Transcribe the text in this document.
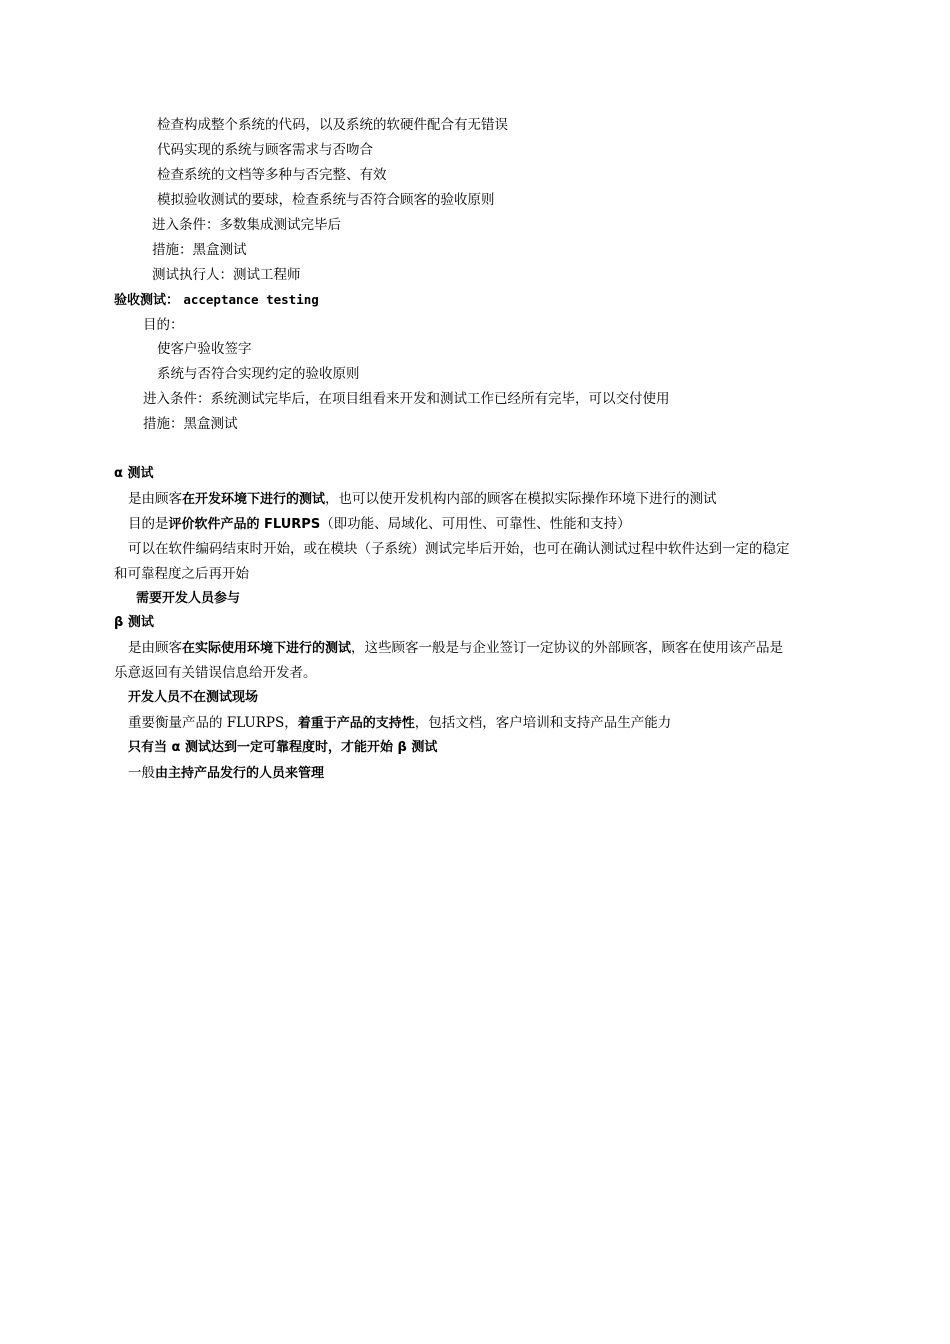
检查构成整个系统的代码，以及系统的软硬件配合有无错误
代码实现的系统与顾客需求与否吻合
检查系统的文档等多种与否完整、有效
模拟验收测试的要球，检查系统与否符合顾客的验收原则
进入条件：多数集成测试完毕后
措施：黑盒测试
测试执行人：测试工程师
验收测试： acceptance testing
目的：
使客户验收签字
系统与否符合实现约定的验收原则
进入条件：系统测试完毕后，在项目组看来开发和测试工作已经所有完毕，可以交付使用
措施：黑盒测试
α 测试
是由顾客在开发环境下进行的测试，也可以使开发机构内部的顾客在模拟实际操作环境下进行的测试
目的是评价软件产品的 FLURPS（即功能、局域化、可用性、可靠性、性能和支持）
可以在软件编码结束时开始，或在模块（子系统）测试完毕后开始，也可在确认测试过程中软件达到一定的稳定
和可靠程度之后再开始
需要开发人员参与
β 测试
是由顾客在实际使用环境下进行的测试，这些顾客一般是与企业签订一定协议的外部顾客，顾客在使用该产品是
乐意返回有关错误信息给开发者。
开发人员不在测试现场
重要衡量产品的 FLURPS，着重于产品的支持性，包括文档，客户培训和支持产品生产能力
只有当 α 测试达到一定可靠程度时，才能开始 β 测试
一般由主持产品发行的人员来管理
